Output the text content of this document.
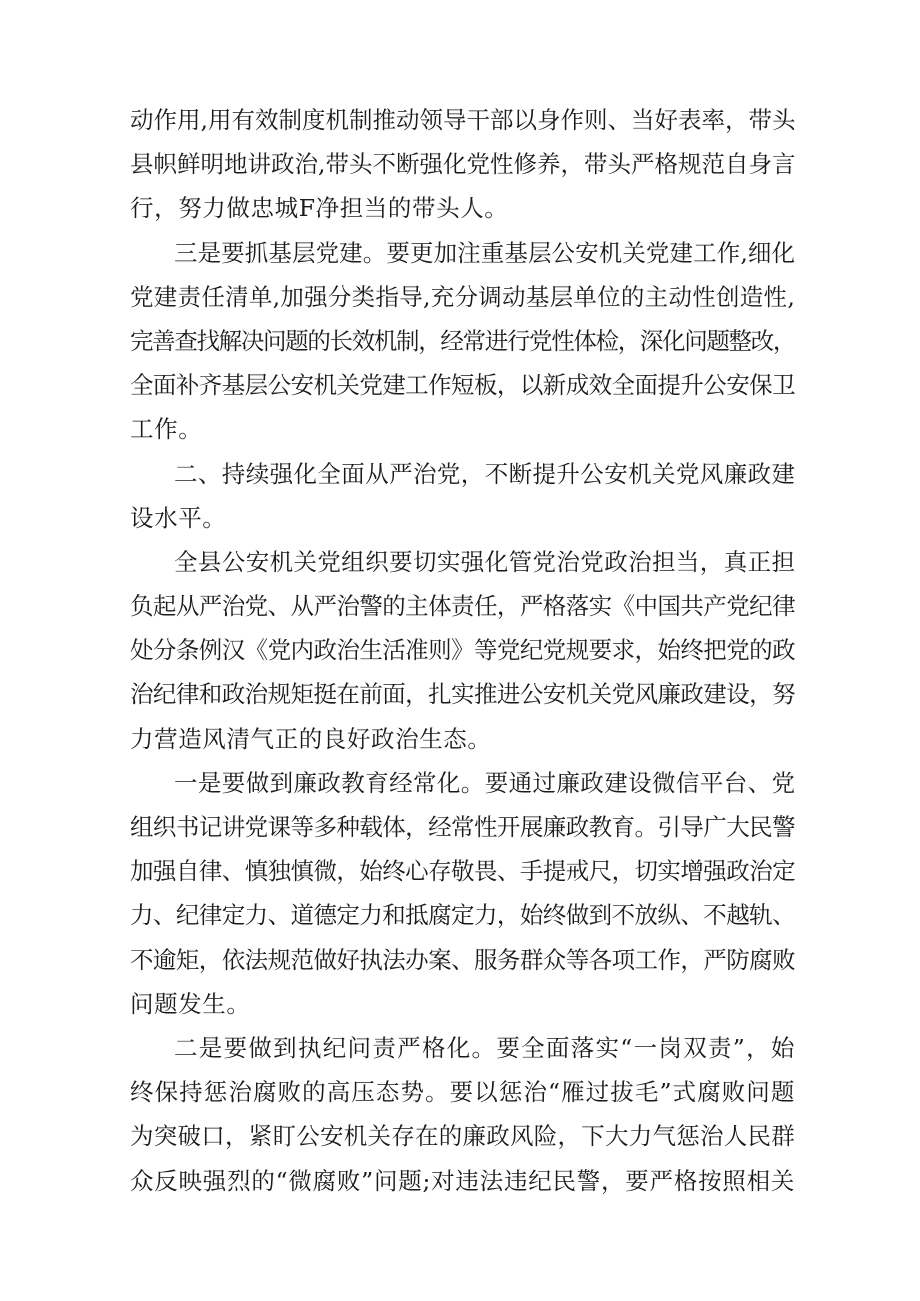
动作用,用有效制度机制推动领导干部以身作则、当好表率，带头
县帜鲜明地讲政治,带头不断强化党性修养，带头严格规范自身言
行，努力做忠城F净担当的带头人。
三是要抓基层党建。要更加注重基层公安机关党建工作,细化
党建责任清单,加强分类指导,充分调动基层单位的主动性创造性,
完善查找解决问题的长效机制，经常进行党性体检，深化问题整改，
全面补齐基层公安机关党建工作短板，以新成效全面提升公安保卫
工作。
二、持续强化全面从严治党，不断提升公安机关党风廉政建
设水平。
全县公安机关党组织要切实强化管党治党政治担当，真正担
负起从严治党、从严治警的主体责任，严格落实《中国共产党纪律
处分条例汉《党内政治生活准则》等党纪党规要求，始终把党的政
治纪律和政治规矩挺在前面，扎实推进公安机关党风廉政建设，努
力营造风清气正的良好政治生态。
一是要做到廉政教育经常化。要通过廉政建设微信平台、党
组织书记讲党课等多种载体，经常性开展廉政教育。引导广大民警
加强自律、慎独慎微，始终心存敬畏、手提戒尺，切实增强政治定
力、纪律定力、道德定力和抵腐定力，始终做到不放纵、不越轨、
不逾矩，依法规范做好执法办案、服务群众等各项工作，严防腐败
问题发生。
二是要做到执纪问责严格化。要全面落实“一岗双责”，始
终保持惩治腐败的高压态势。要以惩治“雁过拔毛”式腐败问题
为突破口，紧盯公安机关存在的廉政风险，下大力气惩治人民群
众反映强烈的“微腐败”问题;对违法违纪民警，要严格按照相关
